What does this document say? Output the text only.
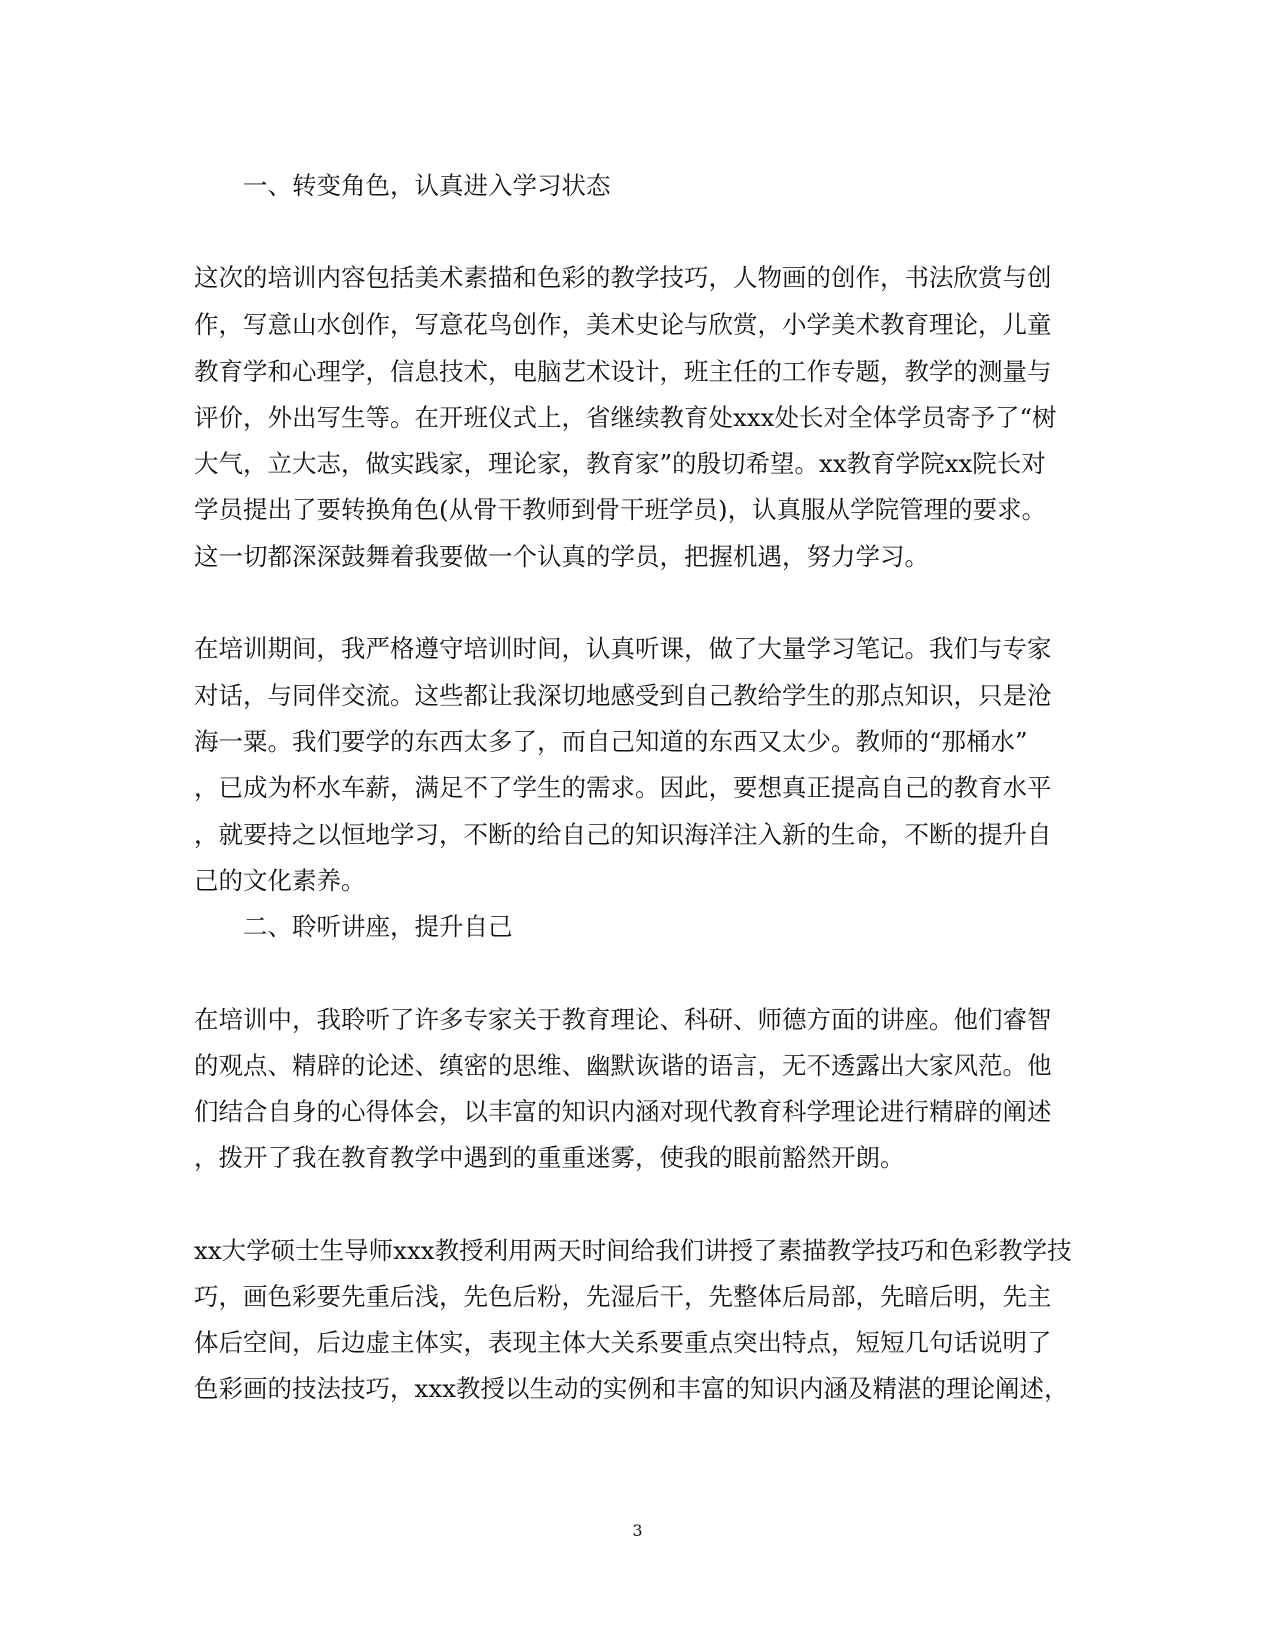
一、转变角色，认真进入学习状态
这次的培训内容包括美术素描和色彩的教学技巧，人物画的创作，书法欣赏与创
作，写意山水创作，写意花鸟创作，美术史论与欣赏，小学美术教育理论，儿童
教育学和心理学，信息技术，电脑艺术设计，班主任的工作专题，教学的测量与
评价，外出写生等。在开班仪式上，省继续教育处xxx处长对全体学员寄予了“树
大气，立大志，做实践家，理论家，教育家”的殷切希望。xx教育学院xx院长对
学员提出了要转换角色(从骨干教师到骨干班学员)，认真服从学院管理的要求。
这一切都深深鼓舞着我要做一个认真的学员，把握机遇，努力学习。
在培训期间，我严格遵守培训时间，认真听课，做了大量学习笔记。我们与专家
对话，与同伴交流。这些都让我深切地感受到自己教给学生的那点知识，只是沧
海一粟。我们要学的东西太多了，而自己知道的东西又太少。教师的“那桶水”
，已成为杯水车薪，满足不了学生的需求。因此，要想真正提高自己的教育水平
，就要持之以恒地学习，不断的给自己的知识海洋注入新的生命，不断的提升自
己的文化素养。
二、聆听讲座，提升自己
在培训中，我聆听了许多专家关于教育理论、科研、师德方面的讲座。他们睿智
的观点、精辟的论述、缜密的思维、幽默诙谐的语言，无不透露出大家风范。他
们结合自身的心得体会，以丰富的知识内涵对现代教育科学理论进行精辟的阐述
，拨开了我在教育教学中遇到的重重迷雾，使我的眼前豁然开朗。
xx大学硕士生导师xxx教授利用两天时间给我们讲授了素描教学技巧和色彩教学技
巧，画色彩要先重后浅，先色后粉，先湿后干，先整体后局部，先暗后明，先主
体后空间，后边虚主体实，表现主体大关系要重点突出特点，短短几句话说明了
色彩画的技法技巧，xxx教授以生动的实例和丰富的知识内涵及精湛的理论阐述，
3
